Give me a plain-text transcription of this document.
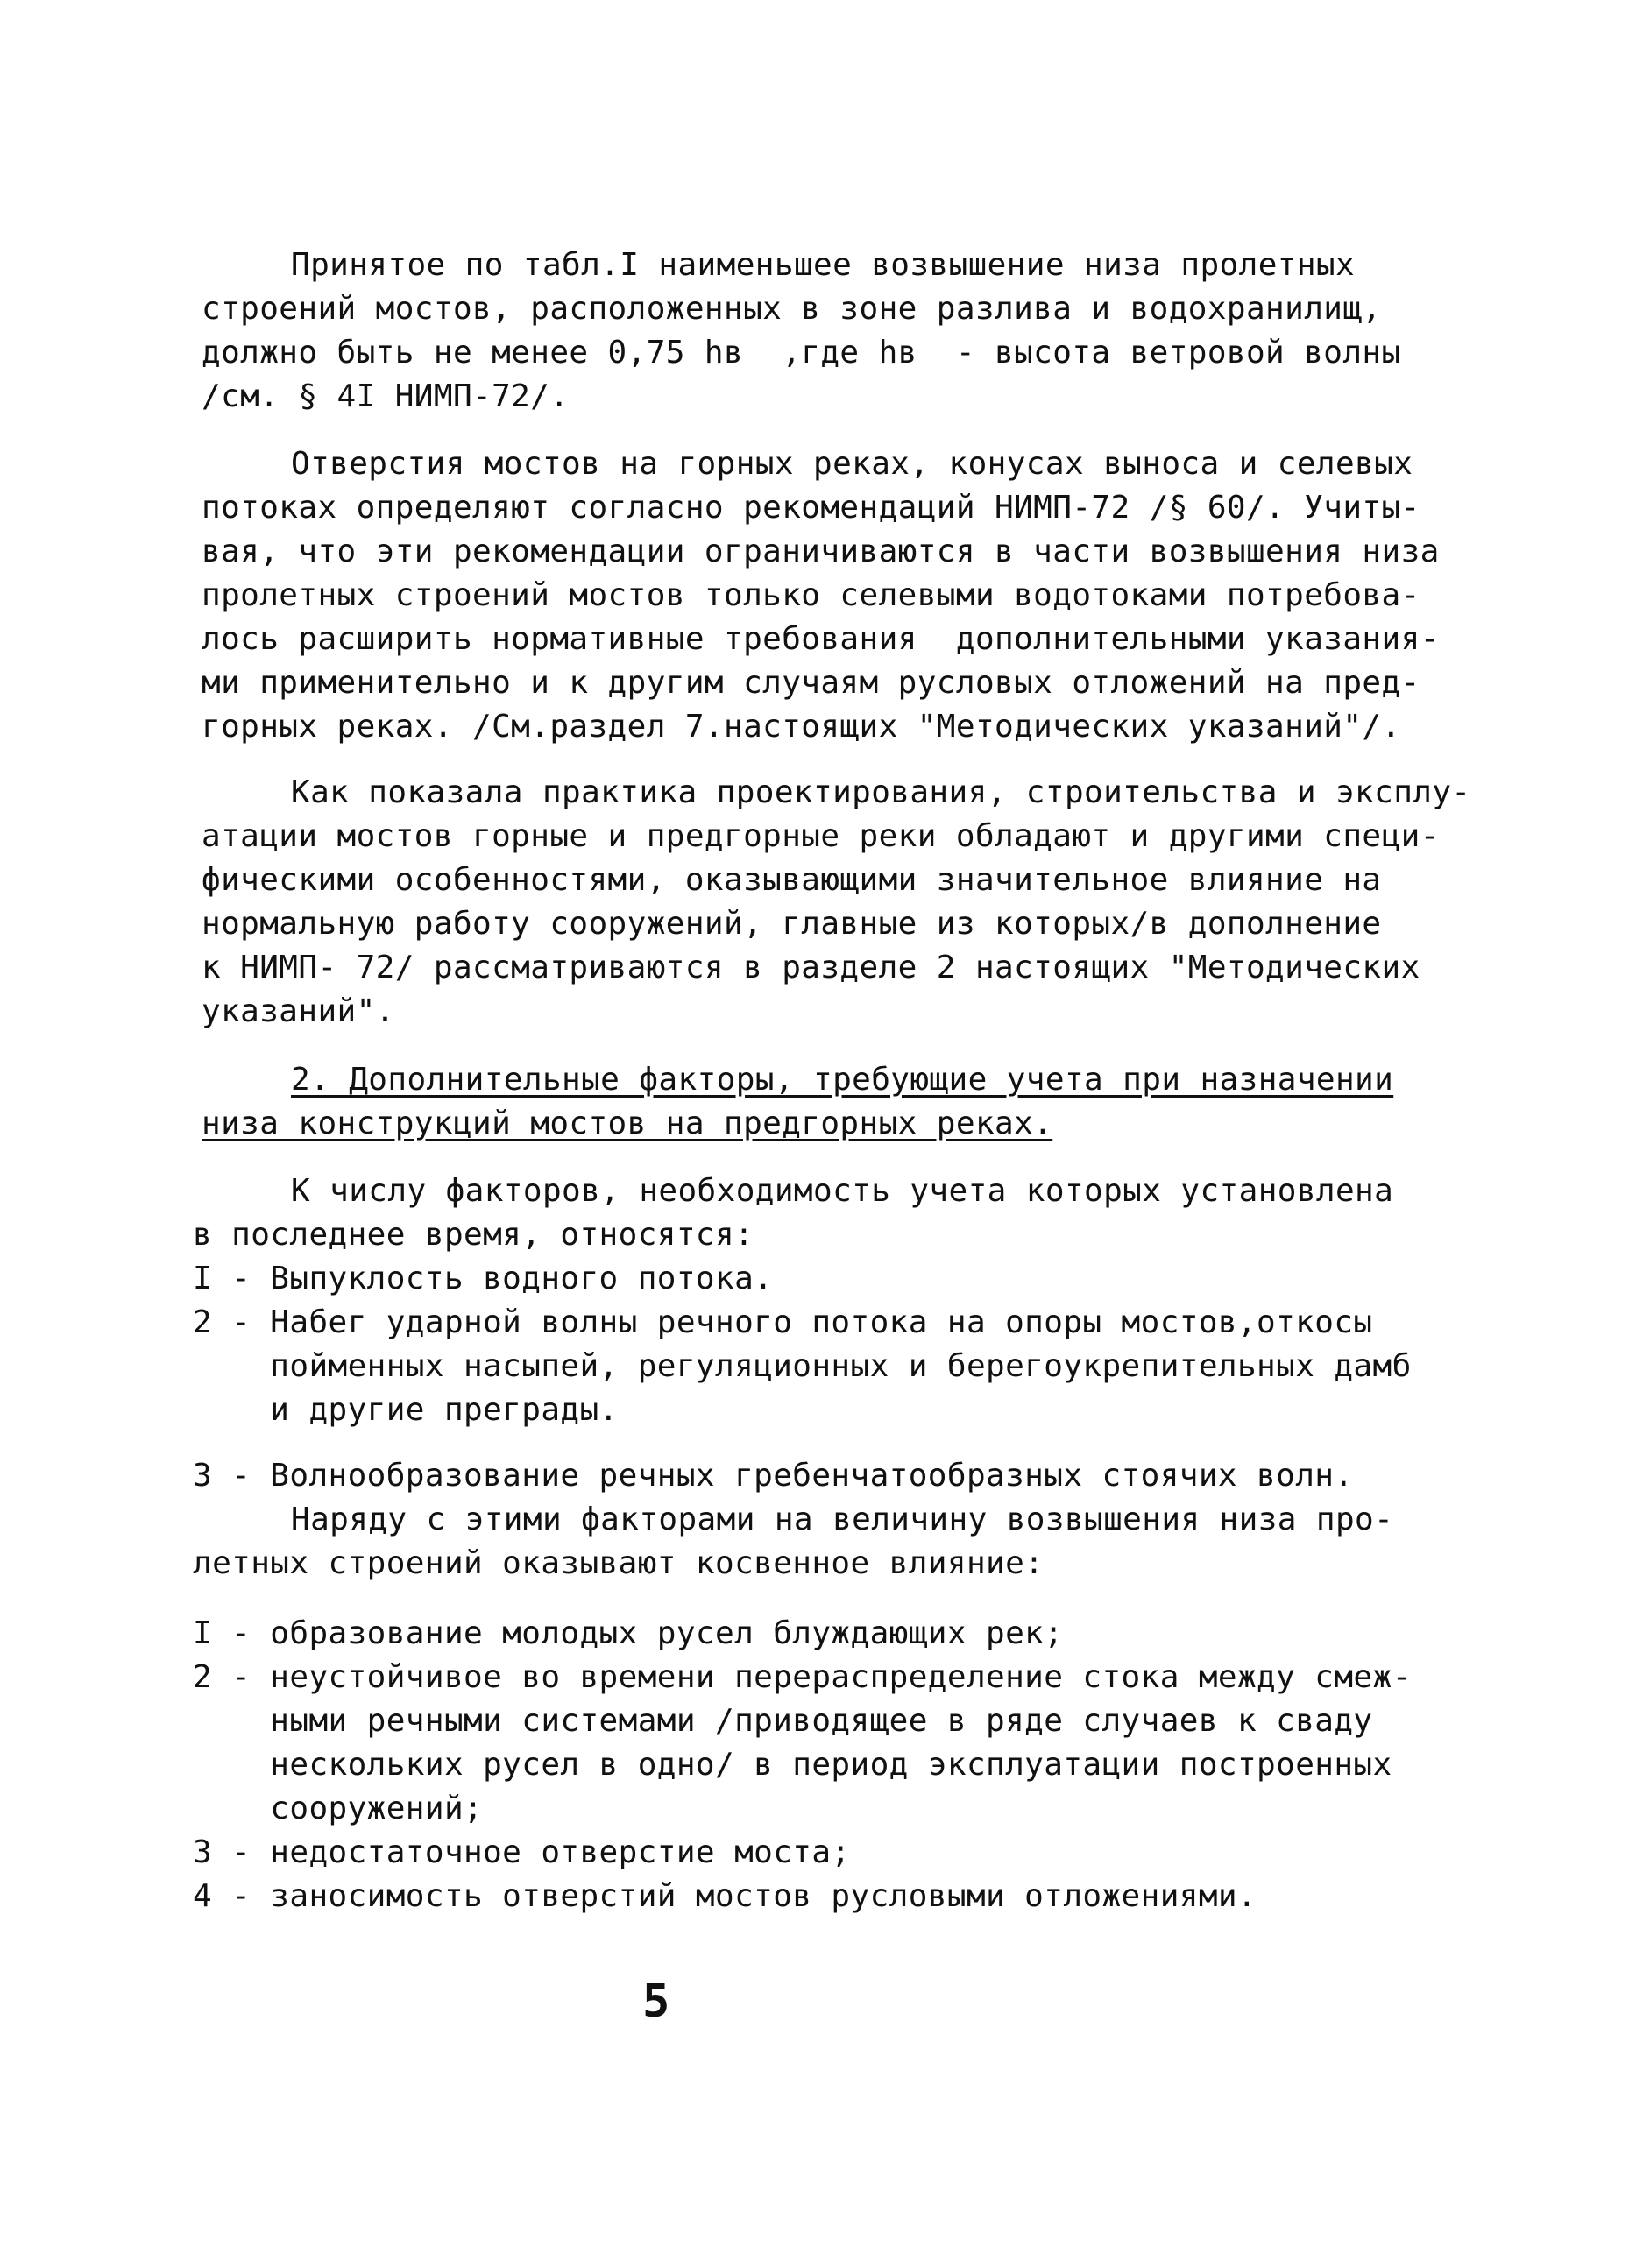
Принятое по табл.I наименьшее возвышение низа пролетных
строений мостов, расположенных в зоне разлива и водохранилищ,
должно быть не менее 0,75 hв  ,где hв  - высота ветровой волны
/см. § 4I НИМП-72/.
Отверстия мостов на горных реках, конусах выноса и селевых
потоках определяют согласно рекомендаций НИМП-72 /§ 60/. Учиты-
вая, что эти рекомендации ограничиваются в части возвышения низа
пролетных строений мостов только селевыми водотоками потребова-
лось расширить нормативные требования  дополнительными указания-
ми применительно и к другим случаям русловых отложений на пред-
горных реках. /См.раздел 7.настоящих "Методических указаний"/.
Как показала практика проектирования, строительства и эксплу-
атации мостов горные и предгорные реки обладают и другими специ-
фическими особенностями, оказывающими значительное влияние на
нормальную работу сооружений, главные из которых/в дополнение
к НИМП- 72/ рассматриваются в разделе 2 настоящих "Методических
указаний".
2. Дополнительные факторы, требующие учета при назначении
низа конструкций мостов на предгорных реках.
К числу факторов, необходимость учета которых установлена
в последнее время, относятся:
I - Выпуклость водного потока.
2 - Набег ударной волны речного потока на опоры мостов,откосы
пойменных насыпей, регуляционных и берегоукрепительных дамб
и другие преграды.
3 - Волнообразование речных гребенчатообразных стоячих волн.
Наряду с этими факторами на величину возвышения низа про-
летных строений оказывают косвенное влияние:
I - образование молодых русел блуждающих рек;
2 - неустойчивое во времени перераспределение стока между смеж-
ными речными системами /приводящее в ряде случаев к сваду
нескольких русел в одно/ в период эксплуатации построенных
сооружений;
3 - недостаточное отверстие моста;
4 - заносимость отверстий мостов русловыми отложениями.
5
